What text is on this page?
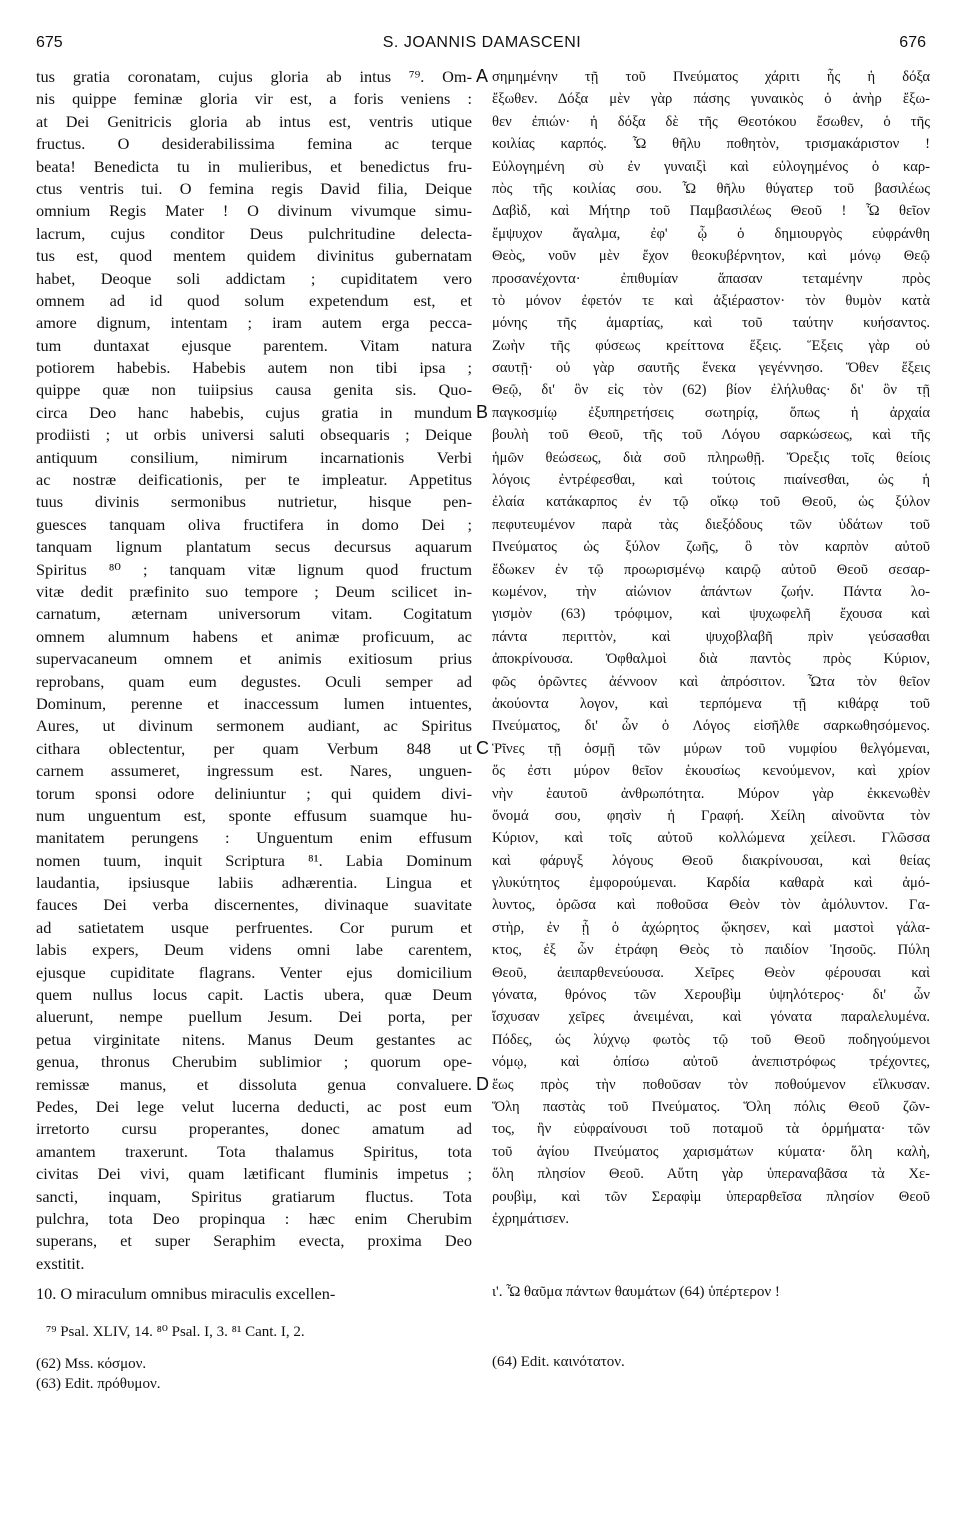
675	S. JOANNIS DAMASCENI	676
tus gratia coronatam, cujus gloria ab intus ⁷⁹. Om-
nis quippe feminæ gloria vir est, a foris veniens :
at Dei Genitricis gloria ab intus est, ventris utique
fructus. O desiderabilissima femina ac terque
beata! Benedicta tu in mulieribus, et benedictus fru-
ctus ventris tui. O femina regis David filia, Deique
omnium Regis Mater ! O divinum vivumque simu-
lacrum, cujus conditor Deus pulchritudine delecta-
tus est, quod mentem quidem divinitus gubernatam
habet, Deoque soli addictam ; cupiditatem vero
omnem ad id quod solum expetendum est, et
amore dignum, intentam ; iram autem erga pecca-
tum duntaxat ejusque parentem. Vitam natura
potiorem habebis. Habebis autem non tibi ipsa ;
quippe quæ non tuiipsius causa genita sis. Quo-
circa Deo hanc habebis, cujus gratia in mundum
prodiisti ; ut orbis universi saluti obsequaris ; Deique
antiquum consilium, nimirum incarnationis Verbi
ac nostræ deificationis, per te impleatur. Appetitus
tuus divinis sermonibus nutrietur, hisque pen-
guesces tanquam oliva fructifera in domo Dei ;
tanquam lignum plantatum secus decursus aquarum
Spiritus ⁸⁰ ; tanquam vitæ lignum quod fructum
vitæ dedit præfinito suo tempore ; Deum scilicet in-
carnatum, æternam universorum vitam. Cogitatum
omnem alumnum habens et animæ proficuum, ac
supervacaneum omnem et animis exitiosum prius
reprobans, quam eum degustes. Oculi semper ad
Dominum, perenne et inaccessum lumen intuentes,
Aures, ut divinum sermonem audiant, ac Spiritus
cithara oblectentur, per quam Verbum 848 ut
carnem assumeret, ingressum est. Nares, unguen-
torum sponsi odore deliniuntur ; qui quidem divi-
num unguentum est, sponte effusum suamque hu-
manitatem perungens : Unguentum enim effusum
nomen tuum, inquit Scriptura ⁸¹. Labia Dominum
laudantia, ipsiusque labiis adhærentia. Lingua et
fauces Dei verba discernentes, divinaque suavitate
ad satietatem usque perfruentes. Cor purum et
labis expers, Deum videns omni labe carentem,
ejusque cupiditate flagrans. Venter ejus domicilium
quem nullus locus capit. Lactis ubera, quæ Deum
aluerunt, nempe puellum Jesum. Dei porta, per
petua virginitate nitens. Manus Deum gestantes ac
genua, thronus Cherubim sublimior ; quorum ope-
remissæ manus, et dissoluta genua convaluere.
Pedes, Dei lege velut lucerna deducti, ac post eum
irretorto cursu properantes, donec amatum ad
amantem traxerunt. Tota thalamus Spiritus, tota
civitas Dei vivi, quam lætificant fluminis impetus ;
sancti, inquam, Spiritus gratiarum fluctus. Tota
pulchra, tota Deo propinqua : hæc enim Cherubim
superans, et super Seraphim evecta, proxima Deo
exstitit.
σημημένην τῇ τοῦ Πνεύματος χάριτι ἧς ἡ δόξα
ἔξωθεν. Δόξα μὲν γὰρ πάσης γυναικὸς ὁ ἀνὴρ ἔξω-
θεν ἐπιών· ἡ δόξα δὲ τῆς Θεοτόκου ἔσωθεν, ὁ τῆς
κοιλίας καρπός. Ὦ θῆλυ ποθητὸν, τρισμακάριστον !
Εὐλογημένη σὺ ἐν γυναιξὶ καὶ εὐλογημένος ὁ καρ-
πὸς τῆς κοιλίας σου. Ὦ θῆλυ θύγατερ τοῦ βασιλέως
Δαβὶδ, καὶ Μήτηρ τοῦ Παμβασιλέως Θεοῦ ! Ὦ θεῖον
ἔμψυχον ἄγαλμα, ἐφ' ᾧ ὁ δημιουργὸς εὐφράνθη
Θεὸς, νοῦν μὲν ἔχον θεοκυβέρνητον, καὶ μόνῳ Θεῷ
προσανέχοντα· ἐπιθυμίαν ἅπασαν τεταμένην πρὸς
τὸ μόνον ἐφετόν τε καὶ ἀξιέραστον· τὸν θυμὸν κατὰ
μόνης τῆς ἁμαρτίας, καὶ τοῦ ταύτην κυήσαντος.
Ζωὴν τῆς φύσεως κρείττονα ἕξεις. Ἕξεις γὰρ οὐ
σαυτῇ· οὐ γὰρ σαυτῆς ἕνεκα γεγέννησο. Ὅθεν ἕξεις
Θεῷ, δι' ὃν εἰς τὸν (62) βίον ἐλήλυθας· δι' ὃν τῇ
παγκοσμίῳ ἐξυπηρετήσεις σωτηρίᾳ, ὅπως ἡ ἀρχαία
βουλὴ τοῦ Θεοῦ, τῆς τοῦ Λόγου σαρκώσεως, καὶ τῆς
ἡμῶν θεώσεως, διὰ σοῦ πληρωθῇ. Ὄρεξις τοῖς θείοις
λόγοις ἐντρέφεσθαι, καὶ τούτοις πιαίνεσθαι, ὡς ἡ
ἐλαία κατάκαρπος ἐν τῷ οἴκῳ τοῦ Θεοῦ, ὡς ξύλον
πεφυτευμένον παρὰ τὰς διεξόδους τῶν ὑδάτων τοῦ
Πνεύματος ὡς ξύλον ζωῆς, ὃ τὸν καρπὸν αὐτοῦ
ἔδωκεν ἐν τῷ προωρισμένῳ καιρῷ αὐτοῦ Θεοῦ σεσαρ-
κωμένον, τὴν αἰώνιον ἁπάντων ζωήν. Πάντα λο-
γισμὸν (63) τρόφιμον, καὶ ψυχωφελῆ ἔχουσα καὶ
πάντα περιττὸν, καὶ ψυχοβλαβῆ πρὶν γεύσασθαι
ἀποκρίνουσα. Ὀφθαλμοὶ διὰ παντὸς πρὸς Κύριον,
φῶς ὁρῶντες ἀέννοον καὶ ἀπρόσιτον. Ὦτα τὸν θεῖον
ἀκούοντα λογον, καὶ τερπόμενα τῇ κιθάρᾳ τοῦ
Πνεύματος, δι' ὧν ὁ Λόγος εἰσῆλθε σαρκωθησόμενος.
Ῥῖνες τῇ ὀσμῇ τῶν μύρων τοῦ νυμφίου θελγόμεναι,
ὅς ἐστι μύρον θεῖον ἑκουσίως κενούμενον, καὶ χρίον
νὴν ἑαυτοῦ ἀνθρωπότητα. Μύρον γὰρ ἐκκενωθὲν
ὄνομά σου, φησὶν ἡ Γραφή. Χείλη αἰνοῦντα τὸν
Κύριον, καὶ τοῖς αὐτοῦ κολλώμενα χείλεσι. Γλῶσσα
καὶ φάρυγξ λόγους Θεοῦ διακρίνουσαι, καὶ θείας
γλυκύτητος ἐμφορούμεναι. Καρδία καθαρὰ καὶ ἀμό-
λυντος, ὁρῶσα καὶ ποθοῦσα Θεὸν τὸν ἀμόλυντον. Γα-
στὴρ, ἐν ᾗ ὁ ἀχώρητος ᾤκησεν, καὶ μαστοὶ γάλα-
κτος, ἐξ ὧν ἐτράφη Θεὸς τὸ παιδίον Ἰησοῦς. Πύλη
Θεοῦ, ἀειπαρθενεύουσα. Χεῖρες Θεὸν φέρουσαι καὶ
γόνατα, θρόνος τῶν Χερουβὶμ ὑψηλότερος· δι' ὧν
ἴσχυσαν χεῖρες ἀνειμέναι, καὶ γόνατα παραλελυμένα.
Πόδες, ὡς λύχνῳ φωτὸς τῷ τοῦ Θεοῦ ποδηγούμενοι
νόμῳ, καὶ ὀπίσω αὐτοῦ ἀνεπιστρόφως τρέχοντες,
ἕως πρὸς τὴν ποθοῦσαν τὸν ποθούμενον εἵλκυσαν.
Ὅλη παστὰς τοῦ Πνεύματος. Ὅλη πόλις Θεοῦ ζῶν-
τος, ἣν εὐφραίνουσι τοῦ ποταμοῦ τὰ ὁρμήματα· τῶν
τοῦ ἁγίου Πνεύματος χαρισμάτων κύματα· ὅλη καλὴ,
ὅλη πλησίον Θεοῦ. Αὕτη γὰρ ὑπεραναβᾶσα τὰ Χε-
ρουβὶμ, καὶ τῶν Σεραφὶμ ὑπεραρθεῖσα πλησίον Θεοῦ
ἐχρημάτισεν.
A
B
C
10. O miraculum omnibus miraculis excellen-	ι'. Ὦ θαῦμα πάντων θαυμάτων (64) ὑπέρτερον !
⁷⁹ Psal. XLIV, 14. ⁸⁰ Psal. I, 3. ⁸¹ Cant. I, 2.
(62) Mss. κόσμον.
(63) Edit. πρόθυμον.
(64) Edit. καινότατον.
D
